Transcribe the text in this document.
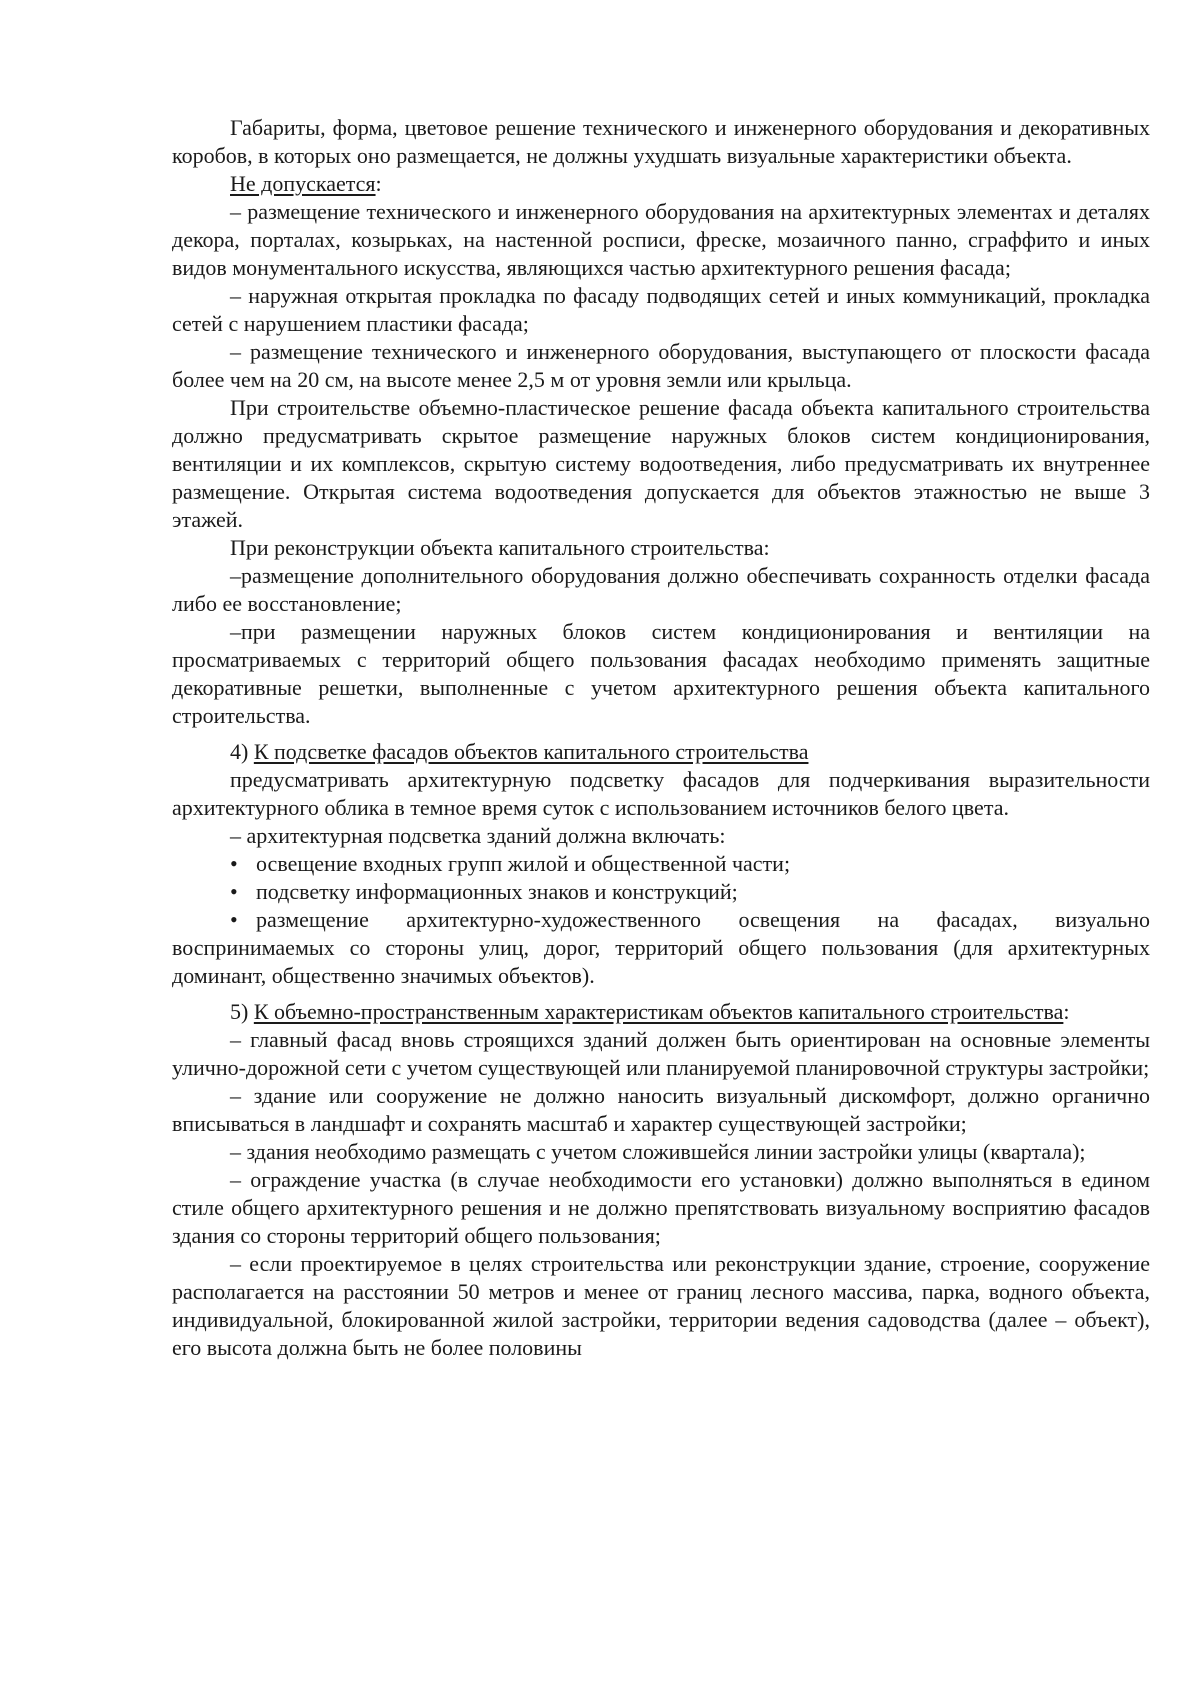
Габариты, форма, цветовое решение технического и инженерного оборудования и декоративных коробов, в которых оно размещается, не должны ухудшать визуальные характеристики объекта.

Не допускается:

– размещение технического и инженерного оборудования на архитектурных элементах и деталях декора, порталах, козырьках, на настенной росписи, фреске, мозаичного панно, сграффито и иных видов монументального искусства, являющихся частью архитектурного решения фасада;

– наружная открытая прокладка по фасаду подводящих сетей и иных коммуникаций, прокладка сетей с нарушением пластики фасада;

– размещение технического и инженерного оборудования, выступающего от плоскости фасада более чем на 20 см, на высоте менее 2,5 м от уровня земли или крыльца.

При строительстве объемно-пластическое решение фасада объекта капитального строительства должно предусматривать скрытое размещение наружных блоков систем кондиционирования, вентиляции и их комплексов, скрытую систему водоотведения, либо предусматривать их внутреннее размещение. Открытая система водоотведения допускается для объектов этажностью не выше 3 этажей.

При реконструкции объекта капитального строительства:

–размещение дополнительного оборудования должно обеспечивать сохранность отделки фасада либо ее восстановление;

–при размещении наружных блоков систем кондиционирования и вентиляции на просматриваемых с территорий общего пользования фасадах необходимо применять защитные декоративные решетки, выполненные с учетом архитектурного решения объекта капитального строительства.

4) К подсветке фасадов объектов капитального строительства

предусматривать архитектурную подсветку фасадов для подчеркивания выразительности архитектурного облика в темное время суток с использованием источников белого цвета.

– архитектурная подсветка зданий должна включать:

• освещение входных групп жилой и общественной части;

• подсветку информационных знаков и конструкций;

• размещение архитектурно-художественного освещения на фасадах, визуально воспринимаемых со стороны улиц, дорог, территорий общего пользования (для архитектурных доминант, общественно значимых объектов).

5) К объемно-пространственным характеристикам объектов капитального строительства:

– главный фасад вновь строящихся зданий должен быть ориентирован на основные элементы улично-дорожной сети с учетом существующей или планируемой планировочной структуры застройки;

– здание или сооружение не должно наносить визуальный дискомфорт, должно органично вписываться в ландшафт и сохранять масштаб и характер существующей застройки;

– здания необходимо размещать с учетом сложившейся линии застройки улицы (квартала);

– ограждение участка (в случае необходимости его установки) должно выполняться в едином стиле общего архитектурного решения и не должно препятствовать визуальному восприятию фасадов здания со стороны территорий общего пользования;

– если проектируемое в целях строительства или реконструкции здание, строение, сооружение располагается на расстоянии 50 метров и менее от границ лесного массива, парка, водного объекта, индивидуальной, блокированной жилой застройки, территории ведения садоводства (далее – объект), его высота должна быть не более половины
